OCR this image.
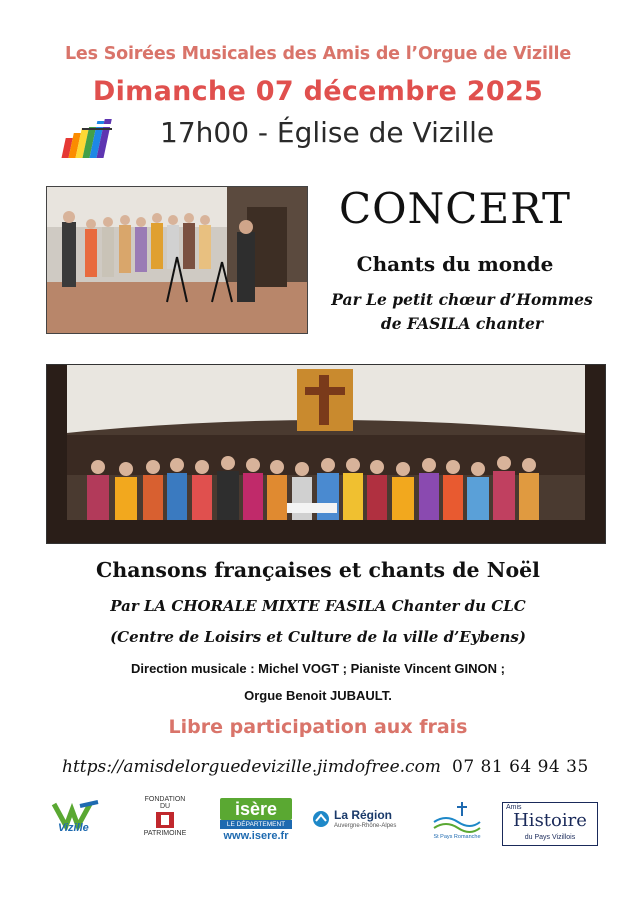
Les Soirées Musicales des Amis de l’Orgue de Vizille
Dimanche 07 décembre 2025
17h00 - Église de Vizille
CONCERT
Chants du monde
Par Le petit chœur d’Hommes
de FASILA chanter
Chansons françaises et chants de Noël
Par LA CHORALE MIXTE FASILA Chanter du CLC
(Centre de Loisirs et Culture de la ville d’Eybens)
Direction musicale : Michel VOGT ; Pianiste Vincent GINON ;
Orgue Benoit JUBAULT.
Libre participation aux frais
https://amisdelorguedevizille.jimdofree.com 07 81 64 94 35
Vizille
FONDATION
DU
PATRIMOINE
isère
LE DÉPARTEMENT
www.isere.fr
La Région
Auvergne-Rhône-Alpes
St Pays Romanche
Amis
Histoire
du Pays Vizillois
